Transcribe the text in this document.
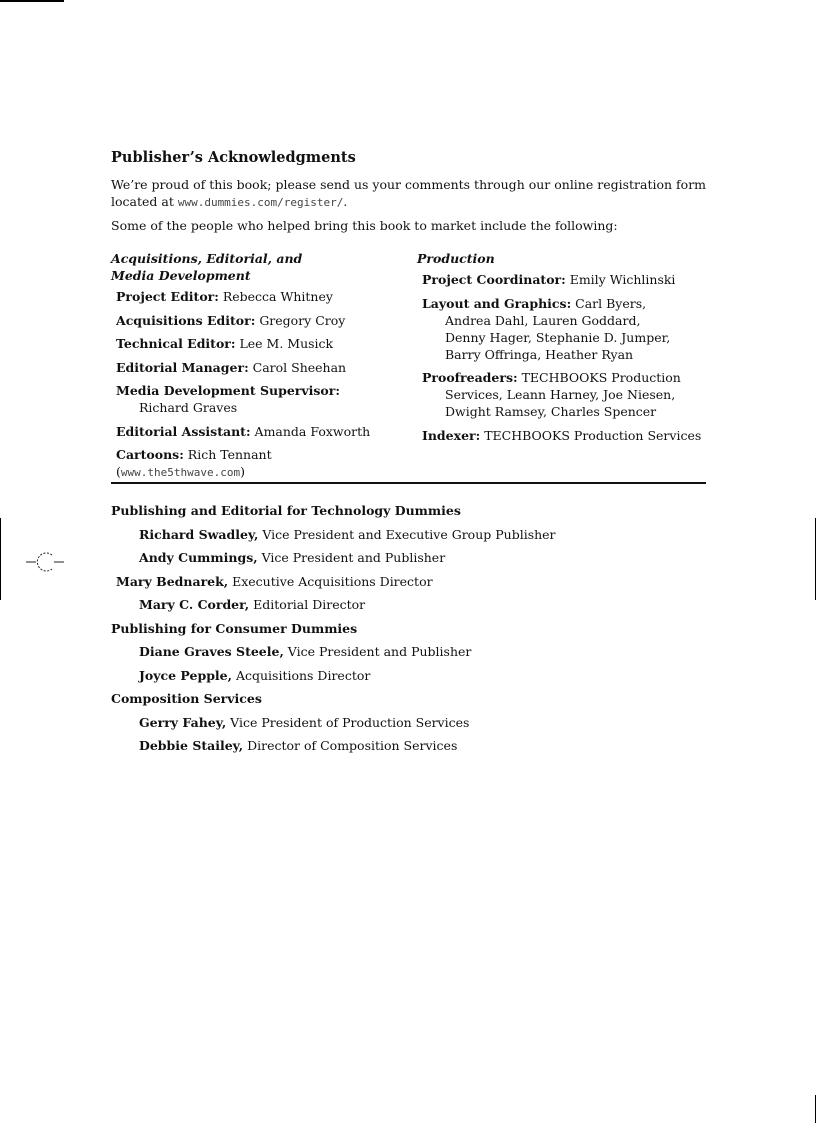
Publisher’s Acknowledgments

We’re proud of this book; please send us your comments through our online registration form
located at www.dummies.com/register/.

Some of the people who helped bring this book to market include the following:

Acquisitions, Editorial, and
Media Development
Project Editor: Rebecca Whitney
Acquisitions Editor: Gregory Croy
Technical Editor: Lee M. Musick
Editorial Manager: Carol Sheehan
Media Development Supervisor:
Richard Graves
Editorial Assistant: Amanda Foxworth
Cartoons: Rich Tennant (www.the5thwave.com)
Production
Project Coordinator: Emily Wichlinski
Layout and Graphics: Carl Byers,
Andrea Dahl, Lauren Goddard,
Denny Hager, Stephanie D. Jumper,
Barry Offringa, Heather Ryan
Proofreaders: TECHBOOKS Production
Services, Leann Harney, Joe Niesen,
Dwight Ramsey, Charles Spencer
Indexer: TECHBOOKS Production Services
Publishing and Editorial for Technology Dummies
Richard Swadley, Vice President and Executive Group Publisher
Andy Cummings, Vice President and Publisher
Mary Bednarek, Executive Acquisitions Director
Mary C. Corder, Editorial Director
Publishing for Consumer Dummies
Diane Graves Steele, Vice President and Publisher
Joyce Pepple, Acquisitions Director
Composition Services
Gerry Fahey, Vice President of Production Services
Debbie Stailey, Director of Composition Services
